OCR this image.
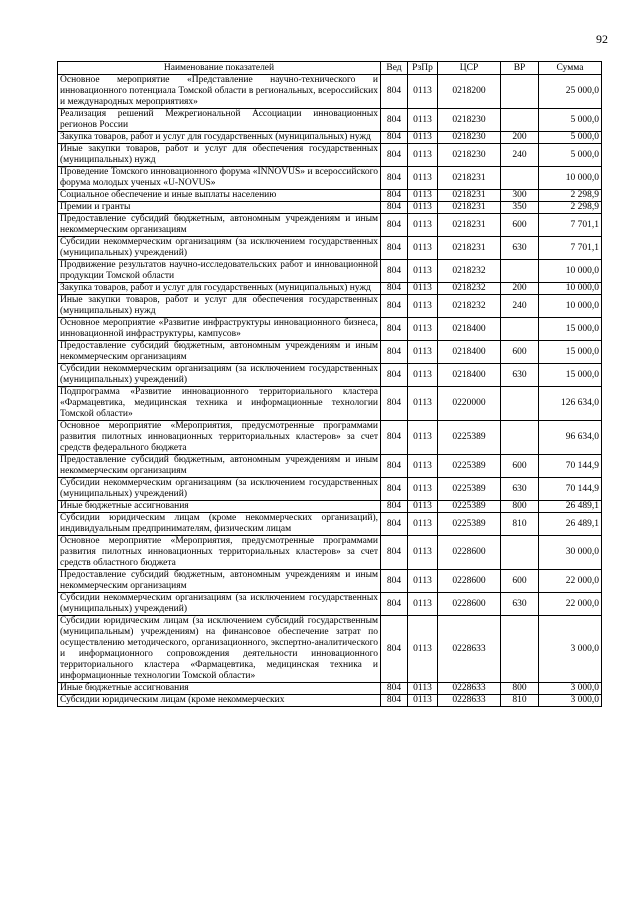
92
Наименование показателей	Вед	РзПр	ЦСР	ВР	Сумма
Основное мероприятие «Представление научно-технического и инновационного потенциала Томской области в региональных, всероссийских и международных мероприятиях»	804	0113	0218200		25 000,0
Реализация решений Межрегиональной Ассоциации инновационных регионов России	804	0113	0218230		5 000,0
Закупка товаров, работ и услуг для государственных (муниципальных) нужд	804	0113	0218230	200	5 000,0
Иные закупки товаров, работ и услуг для обеспечения государственных (муниципальных) нужд	804	0113	0218230	240	5 000,0
Проведение Томского инновационного форума «INNOVUS» и всероссийского форума молодых ученых «U-NOVUS»	804	0113	0218231		10 000,0
Социальное обеспечение и иные выплаты населению	804	0113	0218231	300	2 298,9
Премии и гранты	804	0113	0218231	350	2 298,9
Предоставление субсидий бюджетным, автономным учреждениям и иным некоммерческим организациям	804	0113	0218231	600	7 701,1
Субсидии некоммерческим организациям (за исключением государственных (муниципальных) учреждений)	804	0113	0218231	630	7 701,1
Продвижение результатов научно-исследовательских работ и инновационной продукции Томской области	804	0113	0218232		10 000,0
Закупка товаров, работ и услуг для государственных (муниципальных) нужд	804	0113	0218232	200	10 000,0
Иные закупки товаров, работ и услуг для обеспечения государственных (муниципальных) нужд	804	0113	0218232	240	10 000,0
Основное мероприятие «Развитие инфраструктуры инновационного бизнеса, инновационной инфраструктуры, кампусов»	804	0113	0218400		15 000,0
Предоставление субсидий бюджетным, автономным учреждениям и иным некоммерческим организациям	804	0113	0218400	600	15 000,0
Субсидии некоммерческим организациям (за исключением государственных (муниципальных) учреждений)	804	0113	0218400	630	15 000,0
Подпрограмма «Развитие инновационного территориального кластера «Фармацевтика, медицинская техника и информационные технологии Томской области»	804	0113	0220000		126 634,0
Основное мероприятие «Мероприятия, предусмотренные программами развития пилотных инновационных территориальных кластеров» за счет средств федерального бюджета	804	0113	0225389		96 634,0
Предоставление субсидий бюджетным, автономным учреждениям и иным некоммерческим организациям	804	0113	0225389	600	70 144,9
Субсидии некоммерческим организациям (за исключением государственных (муниципальных) учреждений)	804	0113	0225389	630	70 144,9
Иные бюджетные ассигнования	804	0113	0225389	800	26 489,1
Субсидии юридическим лицам (кроме некоммерческих организаций), индивидуальным предпринимателям, физическим лицам	804	0113	0225389	810	26 489,1
Основное мероприятие «Мероприятия, предусмотренные программами развития пилотных инновационных территориальных кластеров» за счет средств областного бюджета	804	0113	0228600		30 000,0
Предоставление субсидий бюджетным, автономным учреждениям и иным некоммерческим организациям	804	0113	0228600	600	22 000,0
Субсидии некоммерческим организациям (за исключением государственных (муниципальных) учреждений)	804	0113	0228600	630	22 000,0
Субсидии юридическим лицам (за исключением субсидий государственным (муниципальным) учреждениям) на финансовое обеспечение затрат по осуществлению методического, организационного, экспертно-аналитического и информационного сопровождения деятельности инновационного территориального кластера «Фармацевтика, медицинская техника и информационные технологии Томской области»	804	0113	0228633		3 000,0
Иные бюджетные ассигнования	804	0113	0228633	800	3 000,0
Субсидии юридическим лицам (кроме некоммерческих	804	0113	0228633	810	3 000,0
